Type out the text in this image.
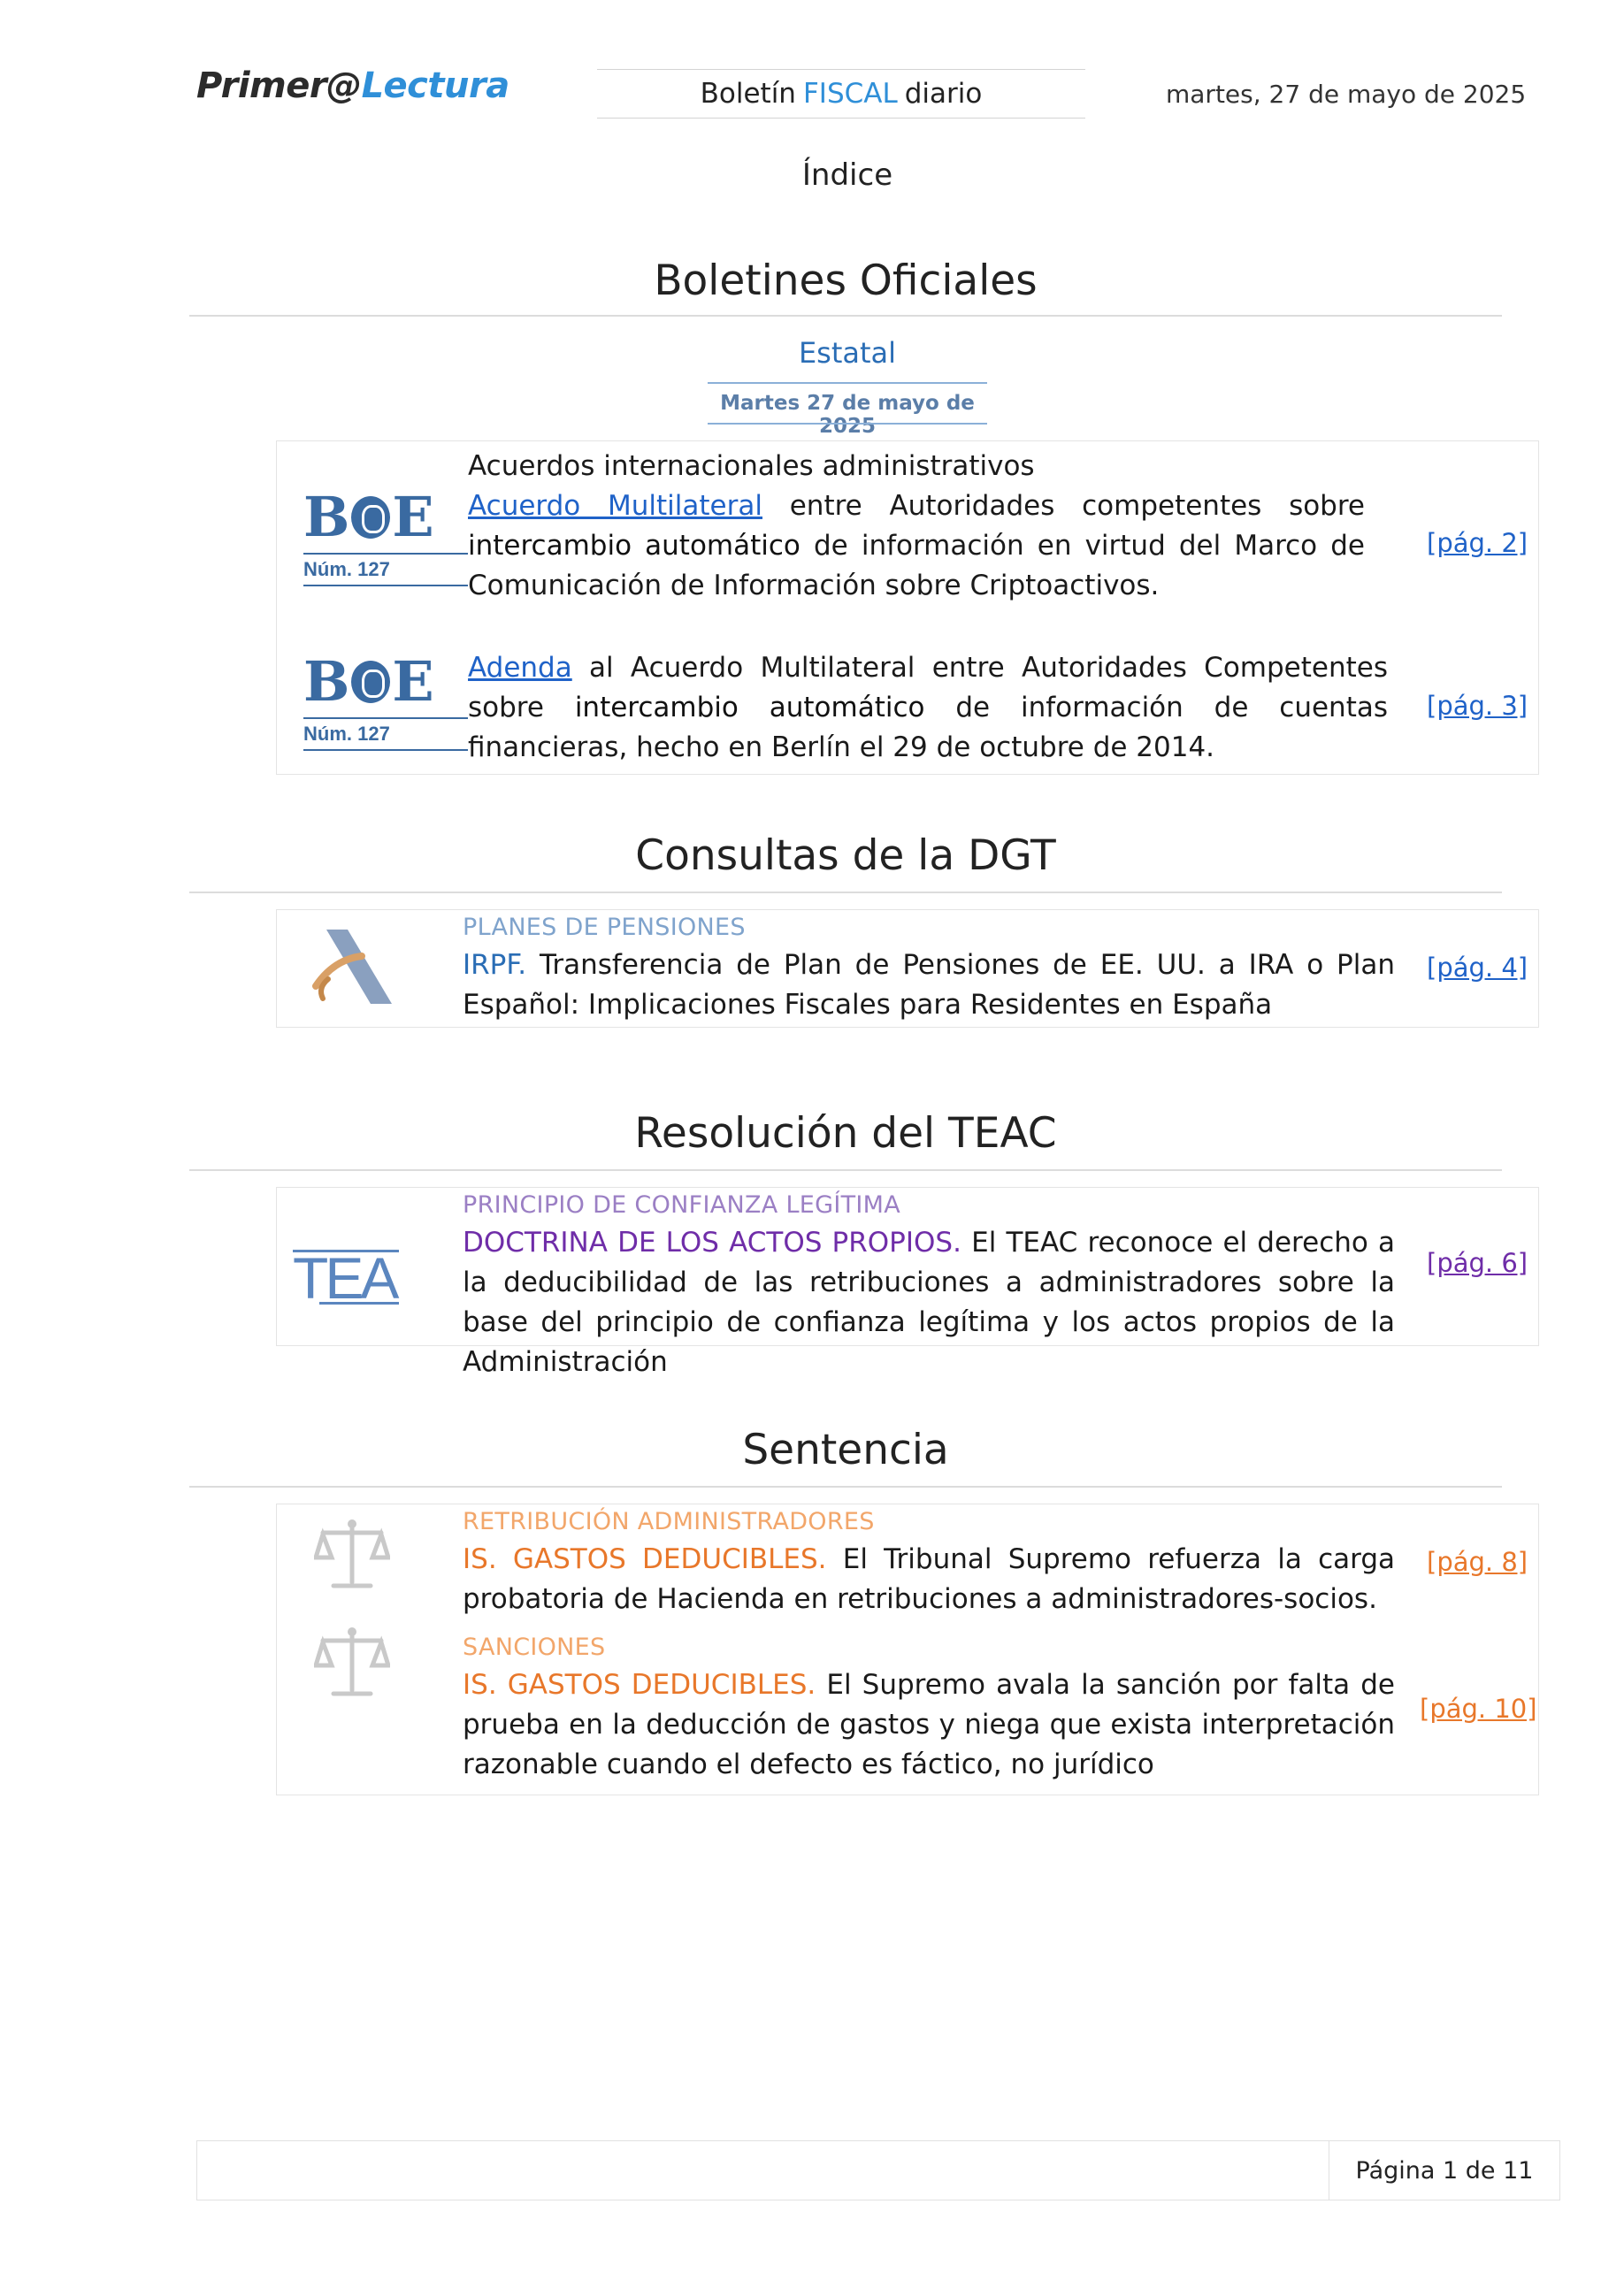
Primer@Lectura	Boletín FISCAL diario	martes, 27 de mayo de 2025
Índice
Boletines Oficiales
Estatal
Martes 27 de mayo de 2025
B E
Núm. 127
Acuerdos internacionales administrativos
Acuerdo Multilateral entre Autoridades competentes sobre intercambio automático de información en virtud del Marco de Comunicación de Información sobre Criptoactivos.
[pág. 2]
B E
Núm. 127
Adenda al Acuerdo Multilateral entre Autoridades Competentes sobre intercambio automático de información de cuentas financieras, hecho en Berlín el 29 de octubre de 2014.
[pág. 3]
Consultas de la DGT
PLANES DE PENSIONES
IRPF. Transferencia de Plan de Pensiones de EE. UU. a IRA o Plan Español: Implicaciones Fiscales para Residentes en España
[pág. 4]
Resolución del TEAC
TEA
PRINCIPIO DE CONFIANZA LEGÍTIMA
DOCTRINA DE LOS ACTOS PROPIOS. El TEAC reconoce el derecho a la deducibilidad de las retribuciones a administradores sobre la base del principio de confianza legítima y los actos propios de la Administración
[pág. 6]
Sentencia
RETRIBUCIÓN ADMINISTRADORES
IS. GASTOS DEDUCIBLES. El Tribunal Supremo refuerza la carga probatoria de Hacienda en retribuciones a administradores-socios.
[pág. 8]
SANCIONES
IS. GASTOS DEDUCIBLES. El Supremo avala la sanción por falta de prueba en la deducción de gastos y niega que exista interpretación razonable cuando el defecto es fáctico, no jurídico
[pág. 10]
Página 1 de 11
